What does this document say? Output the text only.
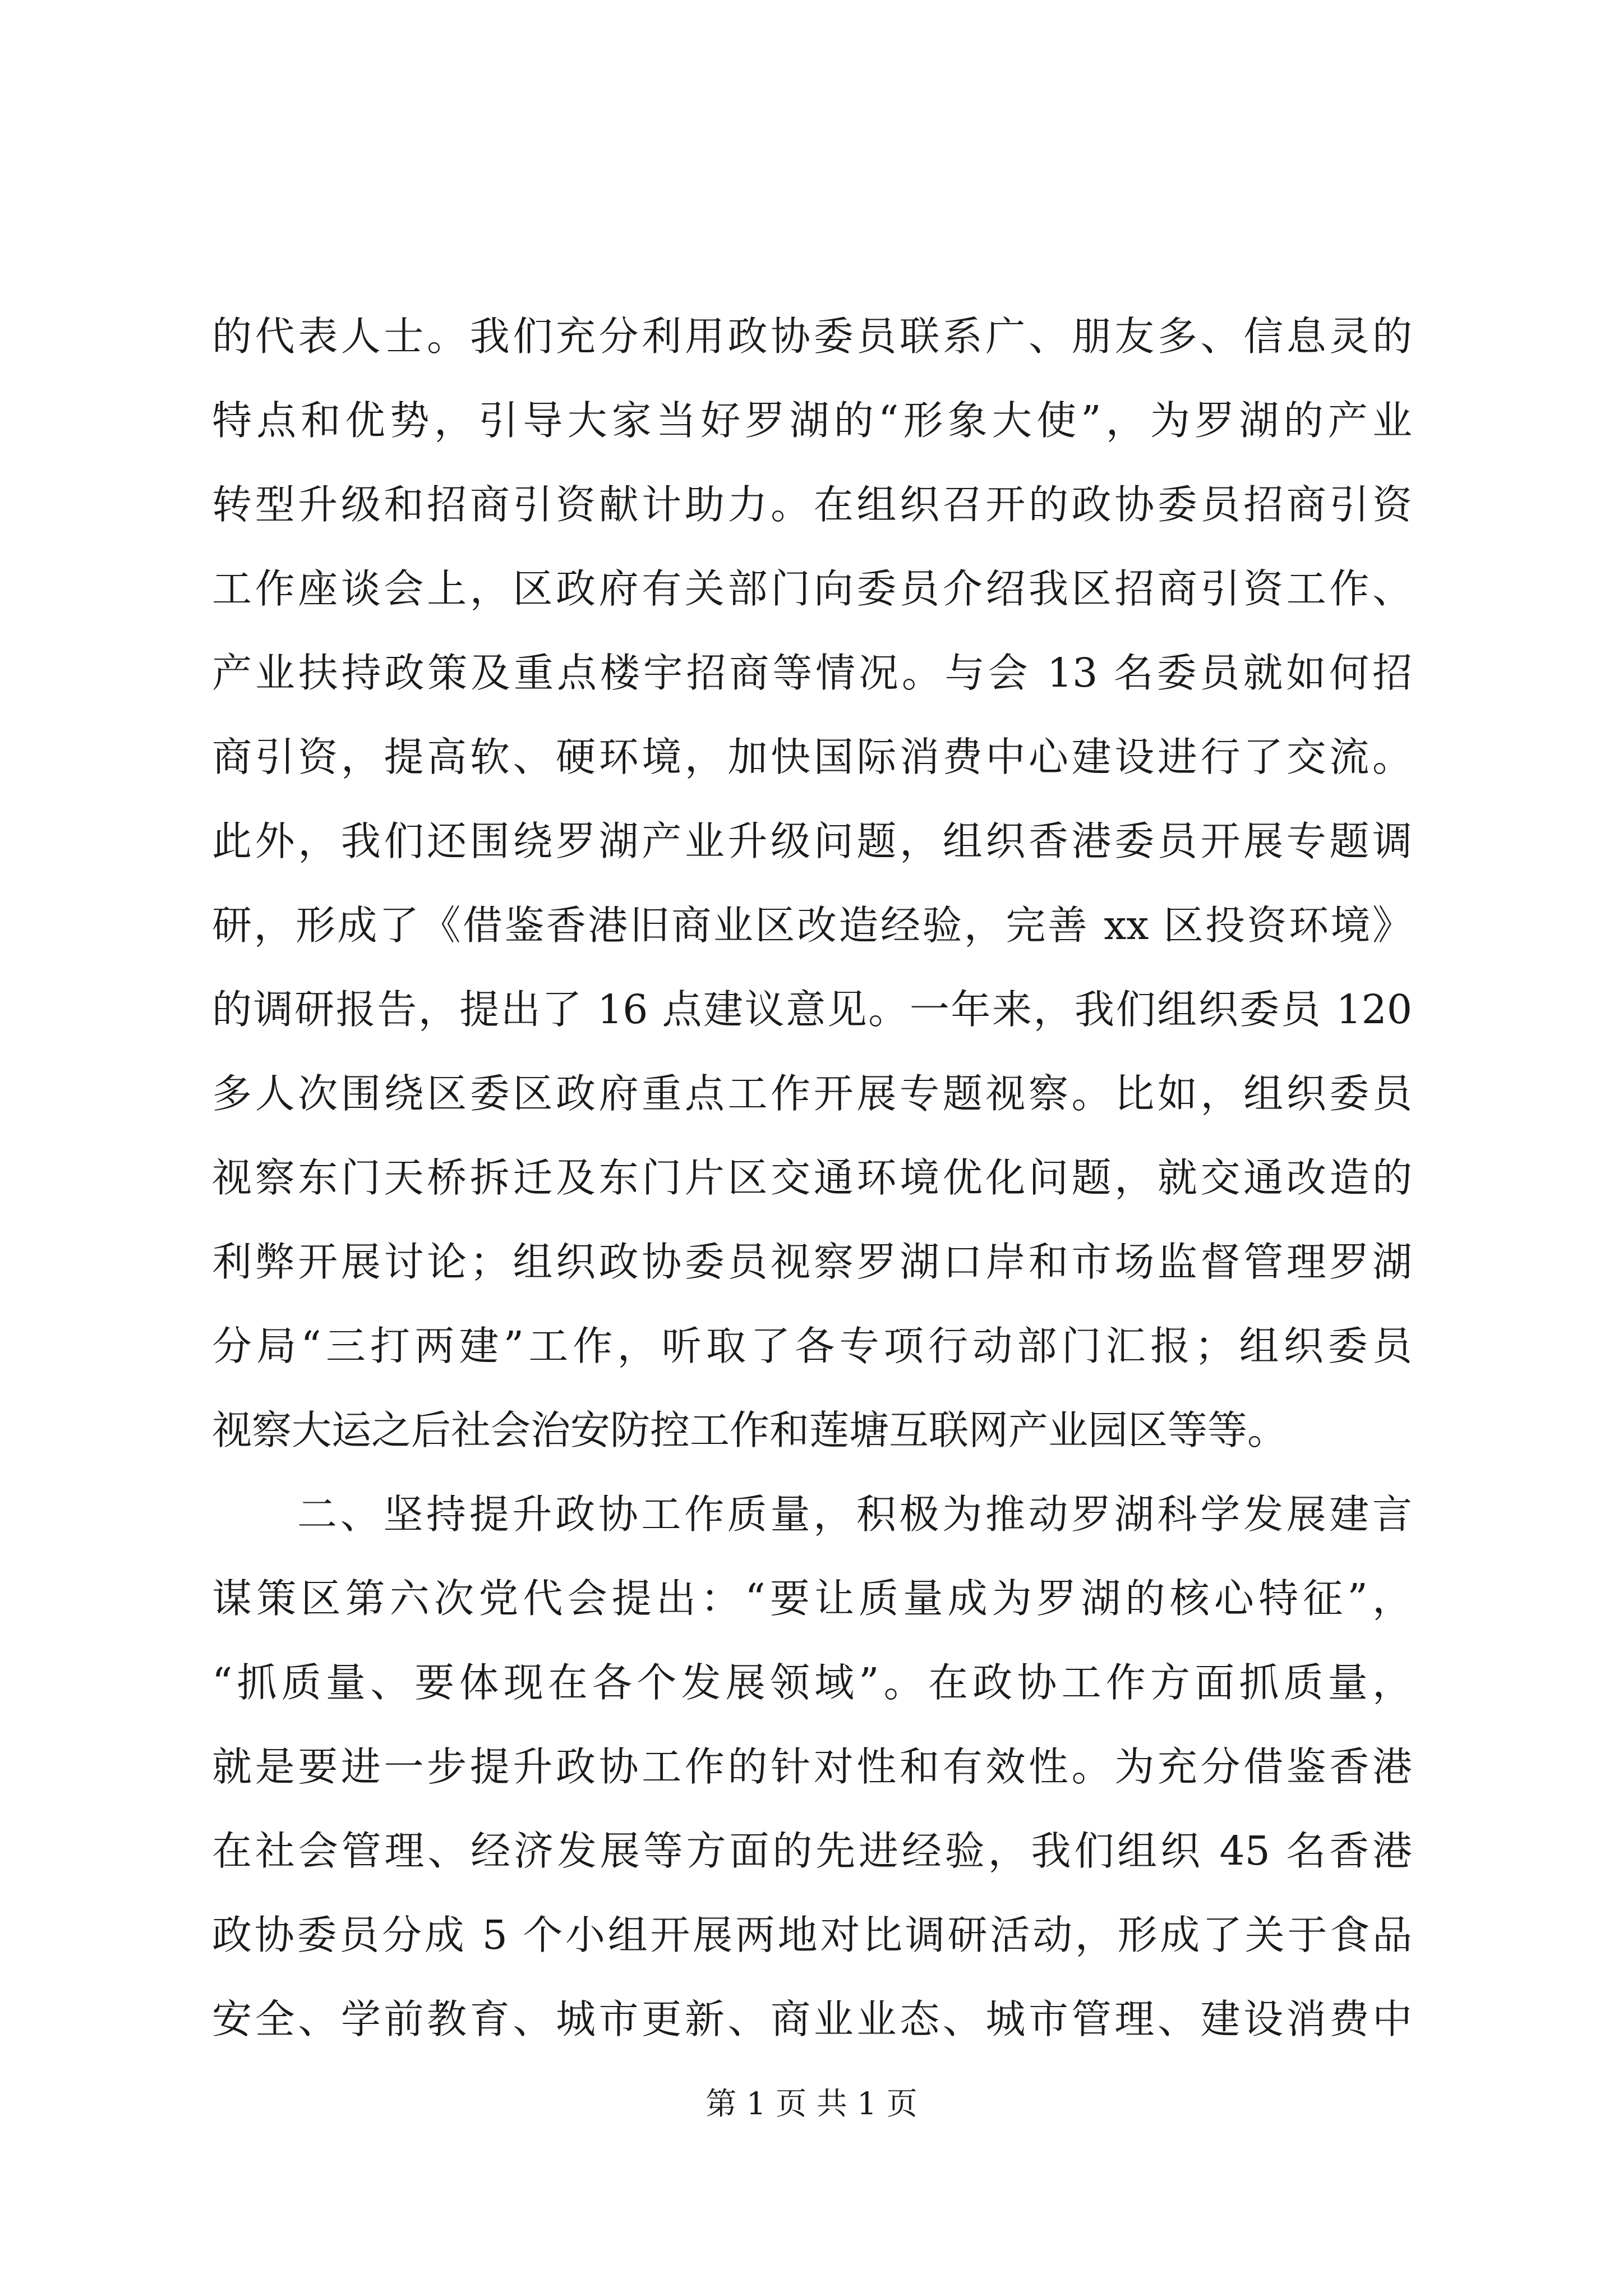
的代表人士。我们充分利用政协委员联系广、朋友多、信息灵的
特点和优势，引导大家当好罗湖的“形象大使”，为罗湖的产业
转型升级和招商引资献计助力。在组织召开的政协委员招商引资
工作座谈会上，区政府有关部门向委员介绍我区招商引资工作、
产业扶持政策及重点楼宇招商等情况。与会 13 名委员就如何招
商引资，提高软、硬环境，加快国际消费中心建设进行了交流。
此外，我们还围绕罗湖产业升级问题，组织香港委员开展专题调
研，形成了《借鉴香港旧商业区改造经验，完善 xx 区投资环境》
的调研报告，提出了 16 点建议意见。一年来，我们组织委员 120
多人次围绕区委区政府重点工作开展专题视察。比如，组织委员
视察东门天桥拆迁及东门片区交通环境优化问题，就交通改造的
利弊开展讨论；组织政协委员视察罗湖口岸和市场监督管理罗湖
分局“三打两建”工作，听取了各专项行动部门汇报；组织委员
视察大运之后社会治安防控工作和莲塘互联网产业园区等等。
二、坚持提升政协工作质量，积极为推动罗湖科学发展建言
谋策区第六次党代会提出：“要让质量成为罗湖的核心特征”，
“抓质量、要体现在各个发展领域”。在政协工作方面抓质量，
就是要进一步提升政协工作的针对性和有效性。为充分借鉴香港
在社会管理、经济发展等方面的先进经验，我们组织 45 名香港
政协委员分成 5 个小组开展两地对比调研活动，形成了关于食品
安全、学前教育、城市更新、商业业态、城市管理、建设消费中
第 1 页 共 1 页
